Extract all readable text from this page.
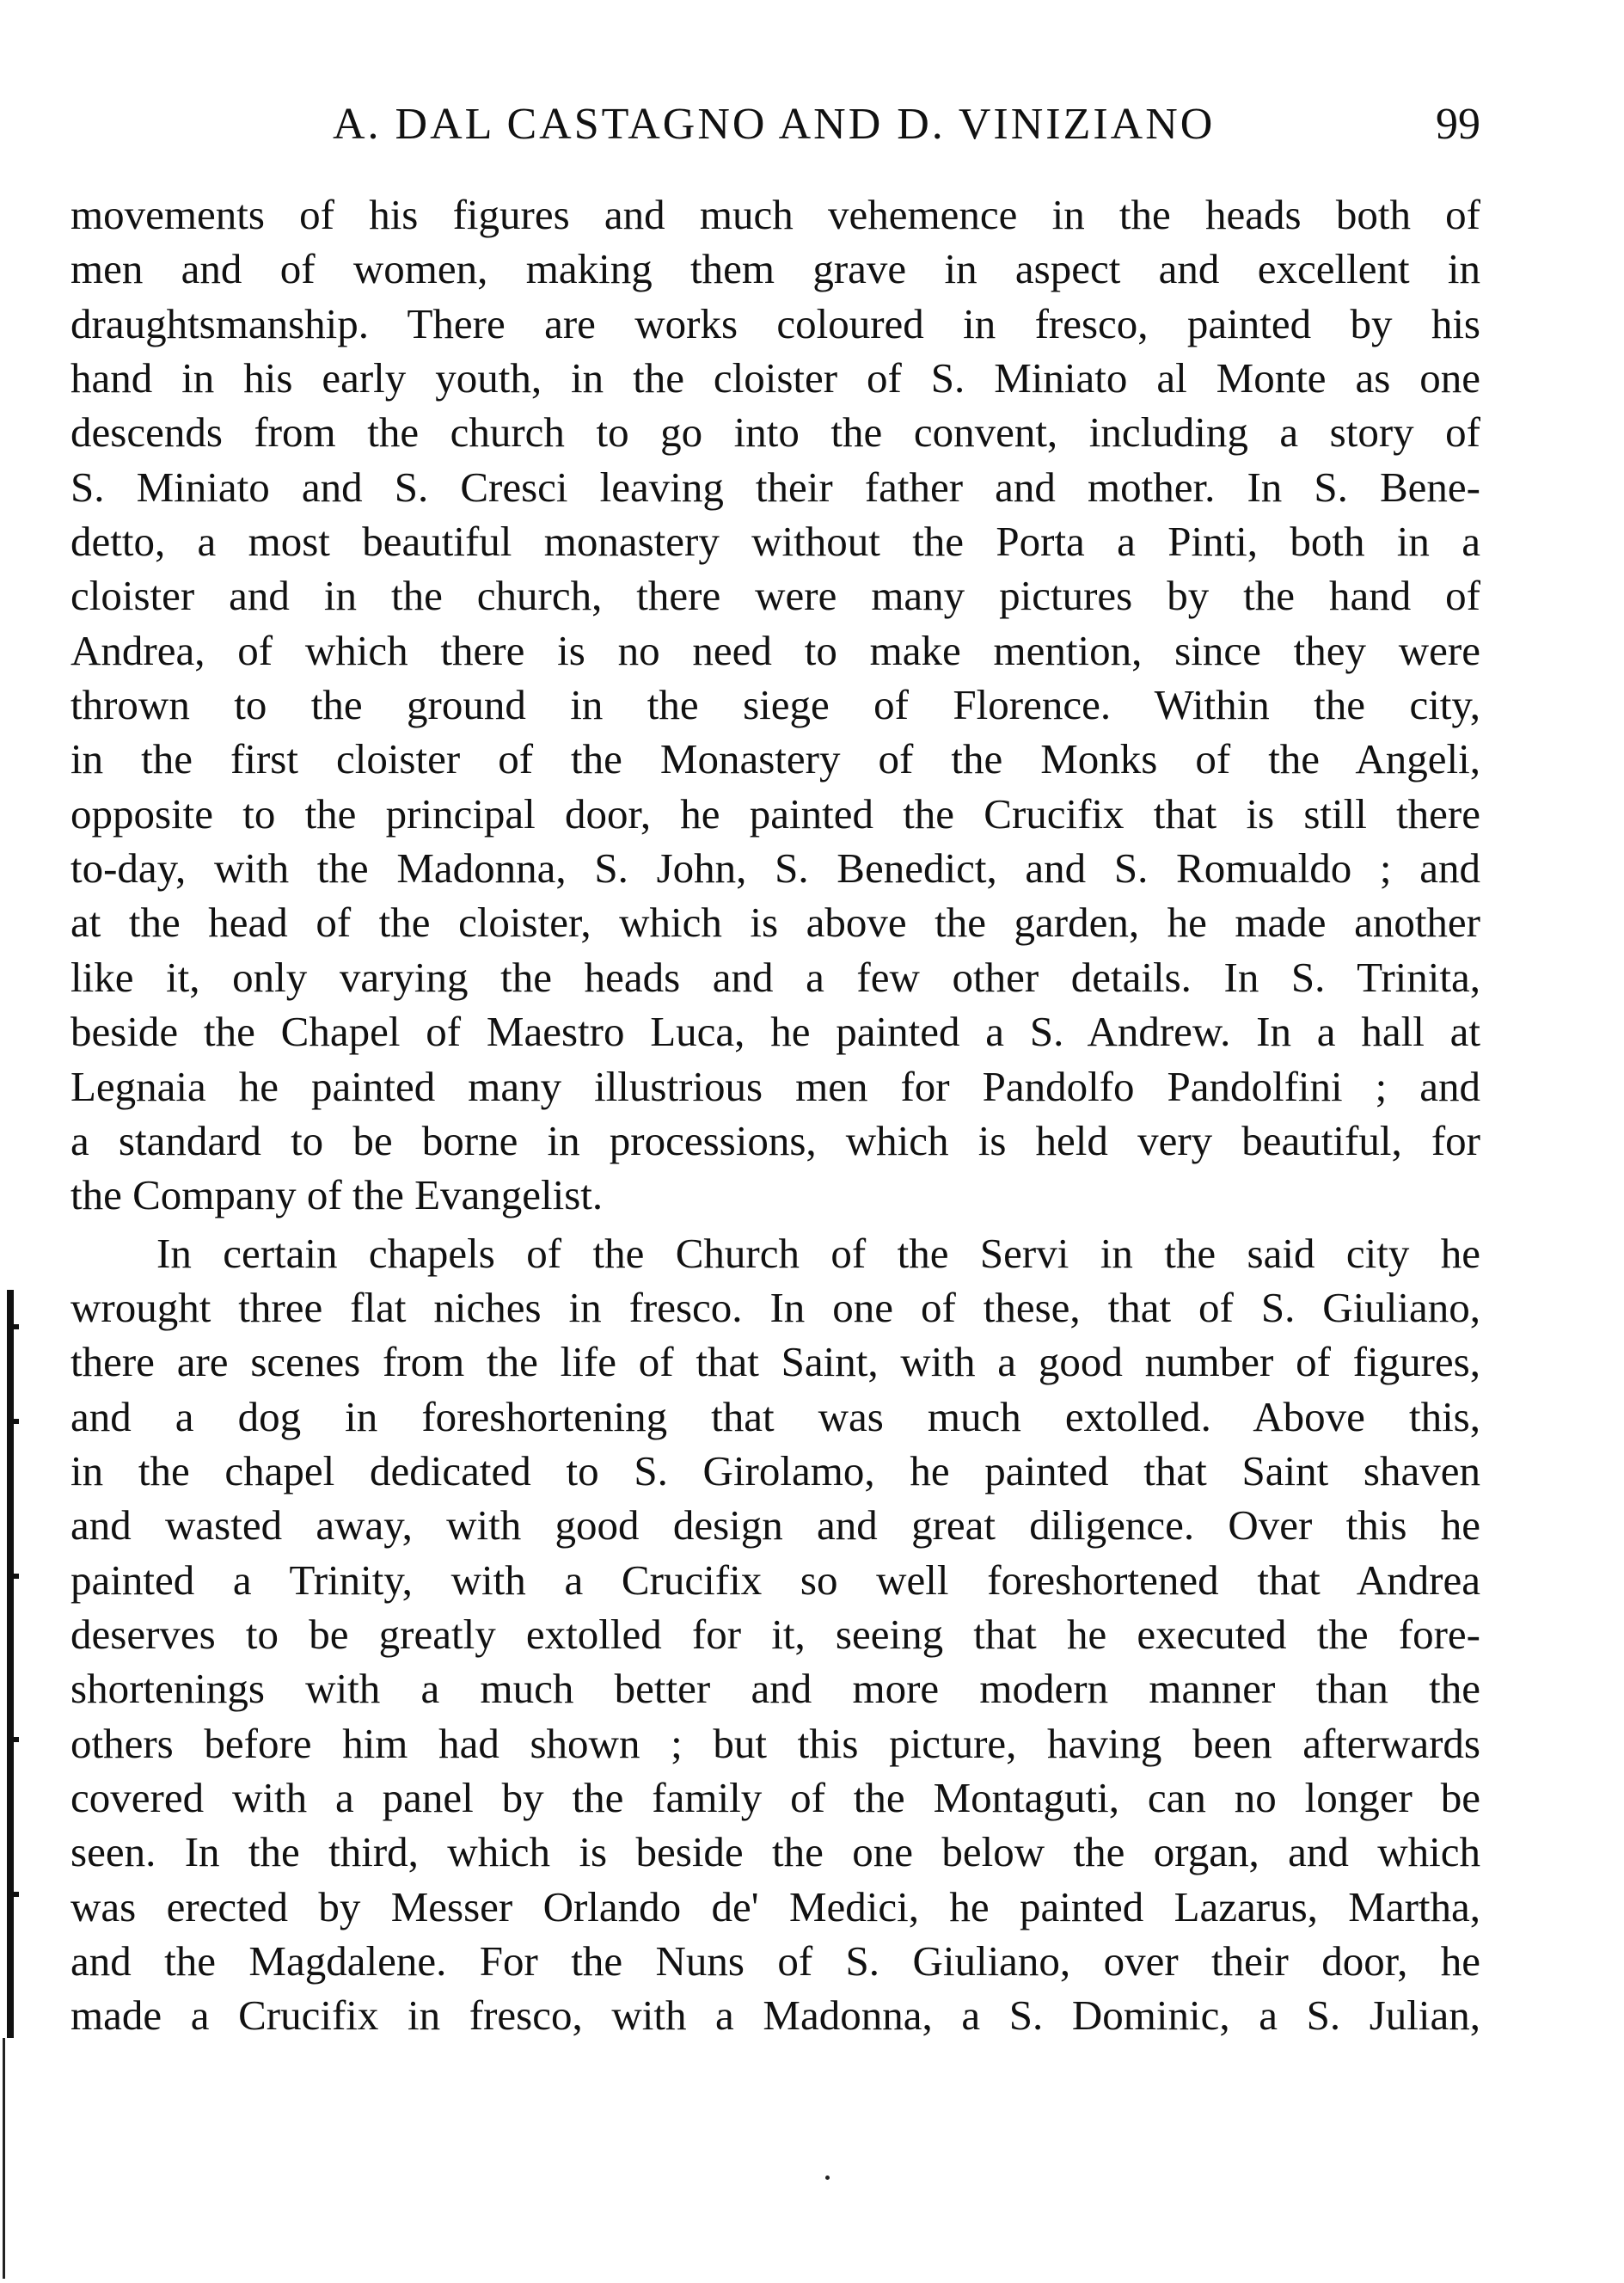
A. DAL CASTAGNO AND D. VINIZIANO	99
movements of his figures and much vehemence in the heads both of
men and of women, making them grave in aspect and excellent in
draughtsmanship. There are works coloured in fresco, painted by his
hand in his early youth, in the cloister of S. Miniato al Monte as one
descends from the church to go into the convent, including a story of
S. Miniato and S. Cresci leaving their father and mother. In S. Bene-
detto, a most beautiful monastery without the Porta a Pinti, both in a
cloister and in the church, there were many pictures by the hand of
Andrea, of which there is no need to make mention, since they were
thrown to the ground in the siege of Florence. Within the city,
in the first cloister of the Monastery of the Monks of the Angeli,
opposite to the principal door, he painted the Crucifix that is still there
to-day, with the Madonna, S. John, S. Benedict, and S. Romualdo ; and
at the head of the cloister, which is above the garden, he made another
like it, only varying the heads and a few other details. In S. Trinita,
beside the Chapel of Maestro Luca, he painted a S. Andrew. In a hall at
Legnaia he painted many illustrious men for Pandolfo Pandolfini ; and
a standard to be borne in processions, which is held very beautiful, for
the Company of the Evangelist.
In certain chapels of the Church of the Servi in the said city he
wrought three flat niches in fresco. In one of these, that of S. Giuliano,
there are scenes from the life of that Saint, with a good number of figures,
and a dog in foreshortening that was much extolled. Above this,
in the chapel dedicated to S. Girolamo, he painted that Saint shaven
and wasted away, with good design and great diligence. Over this he
painted a Trinity, with a Crucifix so well foreshortened that Andrea
deserves to be greatly extolled for it, seeing that he executed the fore-
shortenings with a much better and more modern manner than the
others before him had shown ; but this picture, having been afterwards
covered with a panel by the family of the Montaguti, can no longer be
seen. In the third, which is beside the one below the organ, and which
was erected by Messer Orlando de' Medici, he painted Lazarus, Martha,
and the Magdalene. For the Nuns of S. Giuliano, over their door, he
made a Crucifix in fresco, with a Madonna, a S. Dominic, a S. Julian,
